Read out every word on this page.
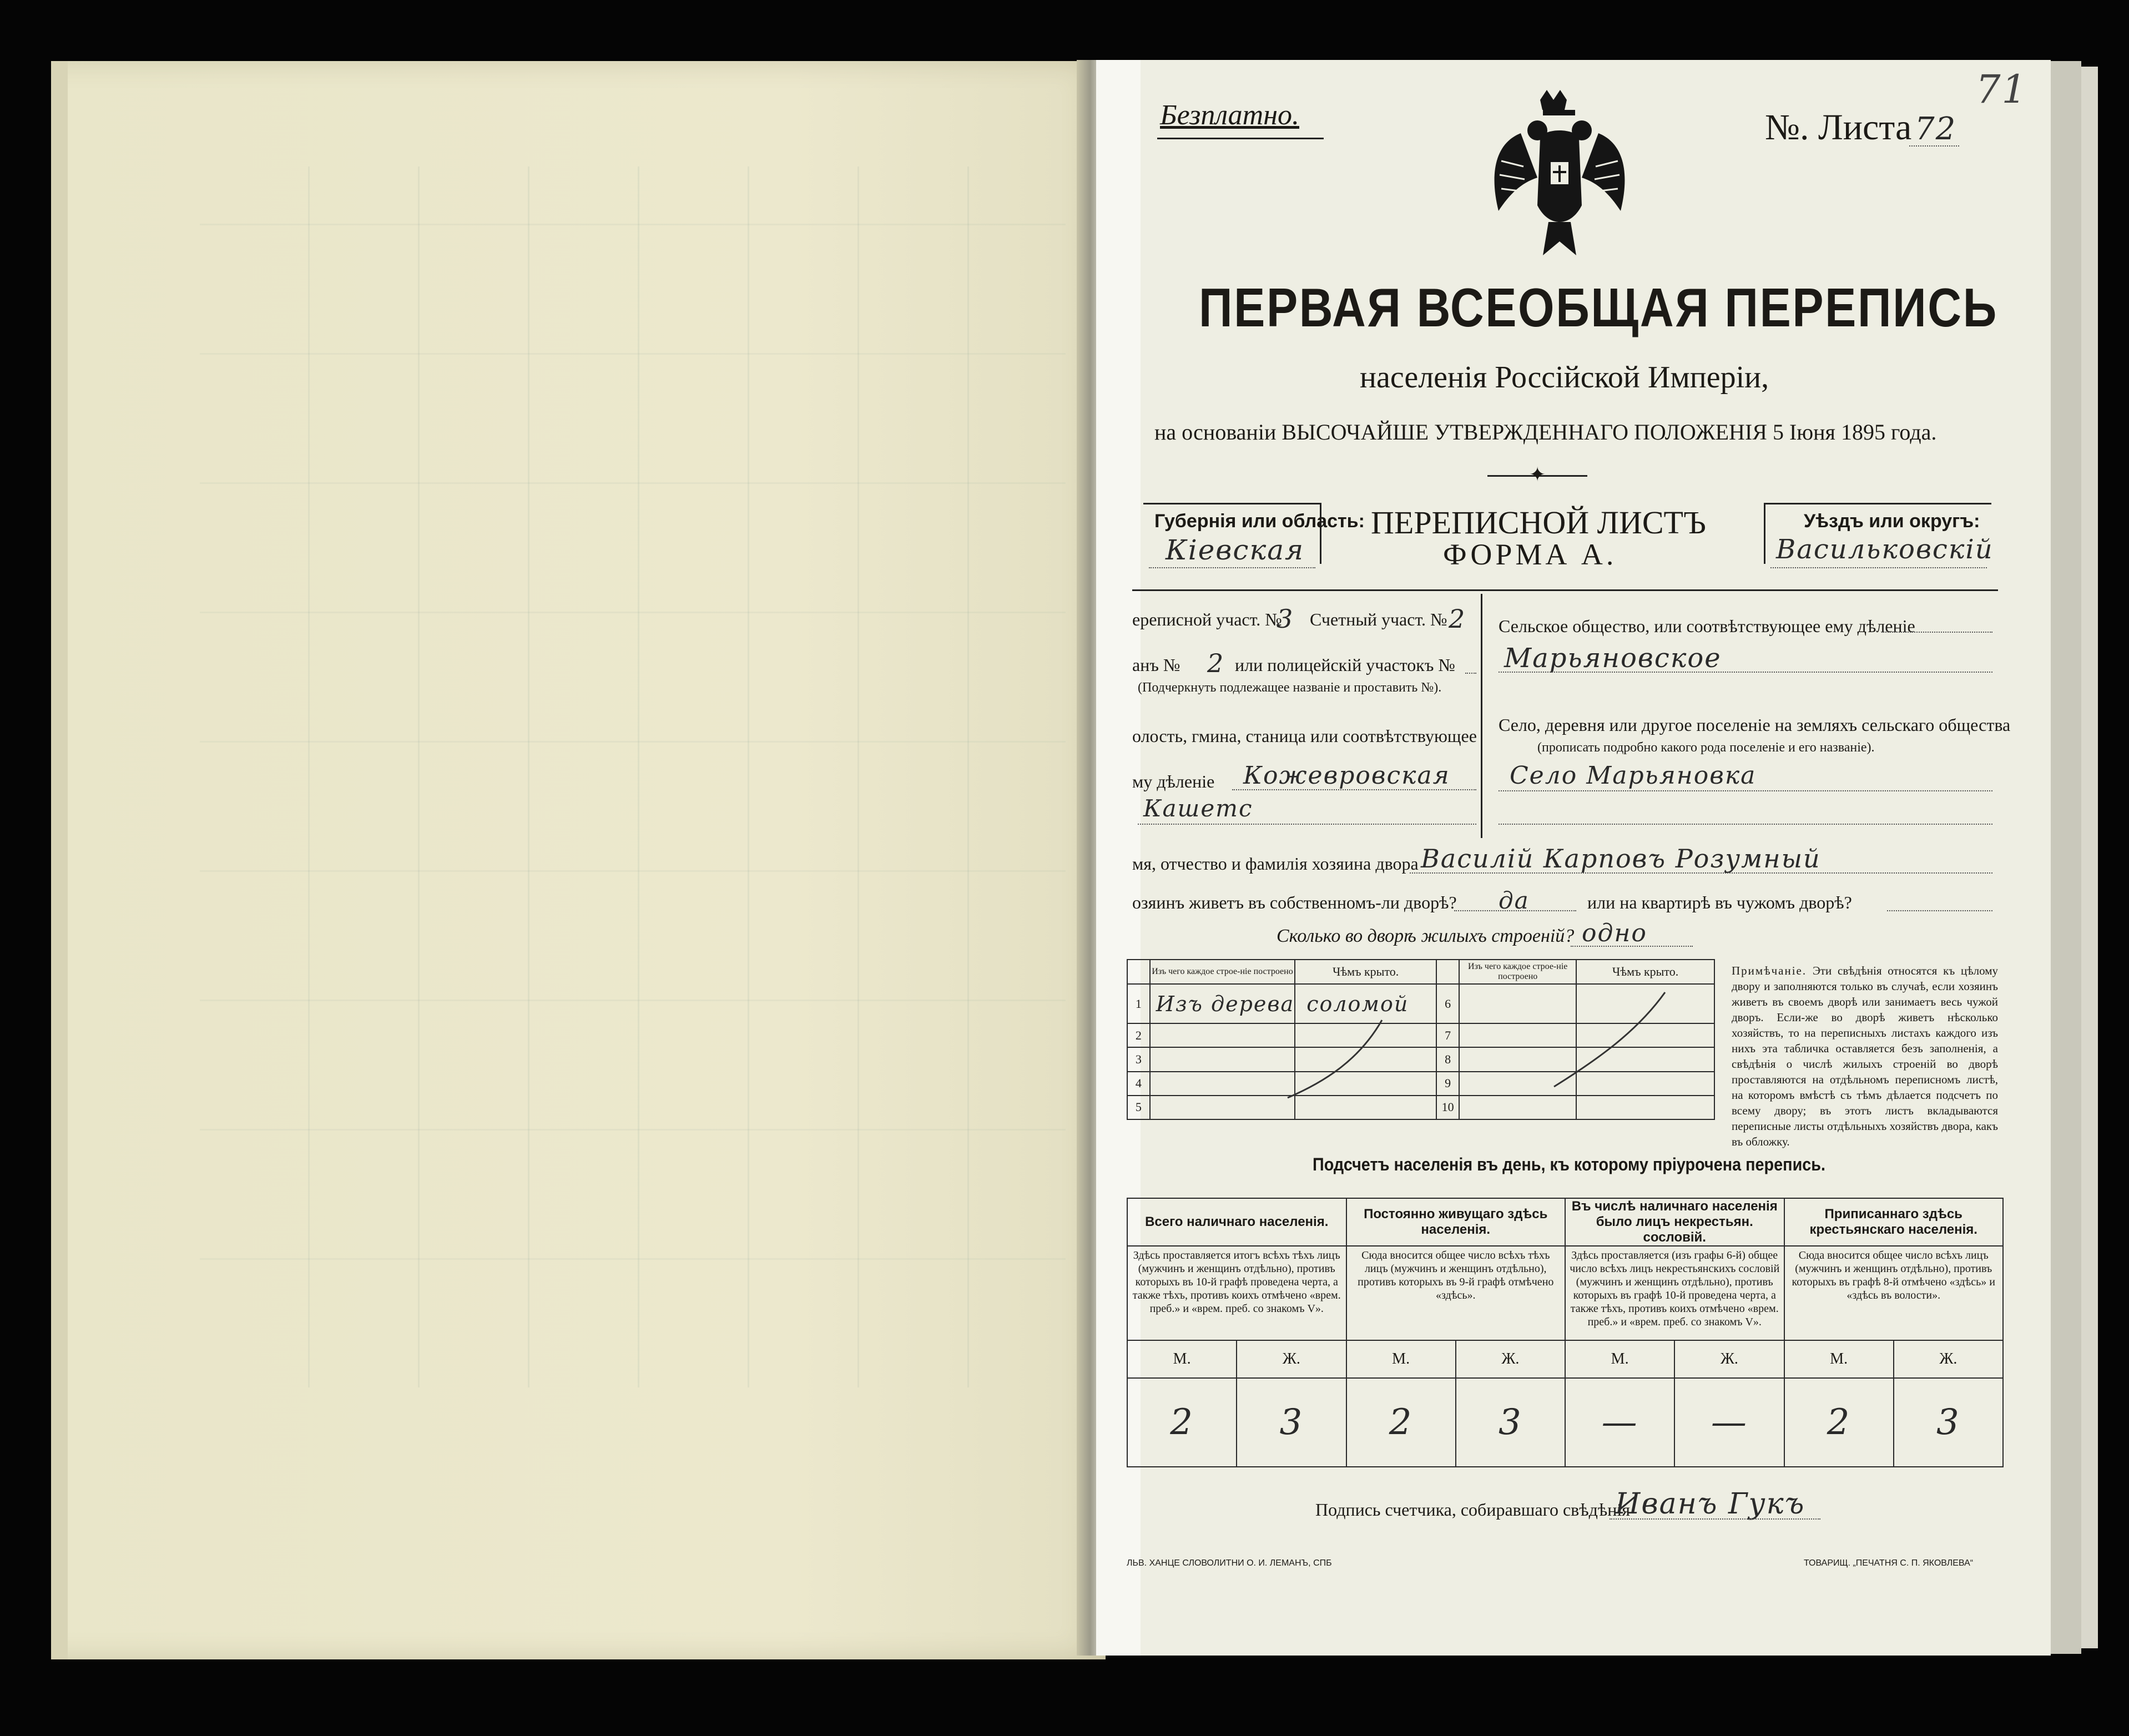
Безплатно.	№. Листа 72
71
ПЕРВАЯ ВСЕОБЩАЯ ПЕРЕПИСЬ
населенія Россійской Имперіи,
на основаніи ВЫСОЧАЙШЕ УТВЕРЖДЕННАГО ПОЛОЖЕНІЯ 5 Іюня 1895 года.
✦
Губернія или область:
Кіевская
ПЕРЕПИСНОЙ ЛИСТЪ
ФОРМА А.
Уѣздъ или округъ:
Васильковскій
ереписной участ. №
3 Счетный участ. № 2
анъ № 2 или полицейскій участокъ №
(Подчеркнуть подлежащее названіе и проставить №).
олость, гмина, станица или соотвѣтствующее
му дѣленіе Кожевровская
Кашетс
Сельское общество, или соотвѣтствующее ему дѣленіе
Марьяновское
Село, деревня или другое поселеніе на земляхъ сельскаго общества
(прописать подробно какого рода поселеніе и его названіе).
Село Марьяновка
мя, отчество и фамилія хозяина двора Василій Карповъ Розумный
озяинъ живетъ въ собственномъ-ли дворѣ? да	или на квартирѣ въ чужомъ дворѣ?
Сколько во дворѣ жилыхъ строеній? одно
	Изъ чего каждое строе-ніе построено	Чѣмъ крыто.		Изъ чего каждое строе-ніе построено	Чѣмъ крыто.
1	Изъ дерева	соломой	6		
2			7		
3			8		
4			9		
5			10		
Примѣчаніе. Эти свѣдѣнія относятся къ цѣлому двору и заполняются только въ случаѣ, если хозяинъ живетъ въ своемъ дворѣ или занимаетъ весь чужой дворъ. Если-же во дворѣ живетъ нѣсколько хозяйствъ, то на переписныхъ листахъ каждого изъ нихъ эта табличка оставляется безъ заполненія, а свѣдѣнія о числѣ жилыхъ строеній во дворѣ проставляются на отдѣльномъ переписномъ листѣ, на которомъ вмѣстѣ съ тѣмъ дѣлается подсчетъ по всему двору; въ этотъ листъ вкладываются переписные листы отдѣльныхъ хозяйствъ двора, какъ въ обложку.
Подсчетъ населенія въ день, къ которому пріурочена перепись.
Всего наличнаго населенія.		Постоянно живущаго здѣсь населенія.		Въ числѣ наличнаго населенія было лицъ некрестьян. сословій.		Приписаннаго здѣсь крестьянскаго населенія.	
Здѣсь проставляется итогъ всѣхъ тѣхъ лицъ (мужчинъ и женщинъ отдѣльно), противъ которыхъ въ 10-й графѣ проведена черта, а также тѣхъ, противъ коихъ отмѣчено «врем. преб.» и «врем. преб. со знакомъ V».		Сюда вносится общее число всѣхъ тѣхъ лицъ (мужчинъ и женщинъ отдѣльно), противъ которыхъ въ 9-й графѣ отмѣчено «здѣсь».		Здѣсь проставляется (изъ графы 6-й) общее число всѣхъ лицъ некрестьянскихъ сословій (мужчинъ и женщинъ отдѣльно), противъ которыхъ въ графѣ 10-й проведена черта, а также тѣхъ, противъ коихъ отмѣчено «врем. преб.» и «врем. преб. со знакомъ V».		Сюда вносится общее число всѣхъ лицъ (мужчинъ и женщинъ отдѣльно), противъ которыхъ въ графѣ 8-й отмѣчено «здѣсь» и «здѣсь въ волости».	
М.	Ж.	М.	Ж.	М.	Ж.	М.	Ж.
2	3	2	3	—	—	2	3
Подпись счетчика, собиравшаго свѣдѣнія
Иванъ Гукъ
ЛЬВ. ХАНЦЕ СЛОВОЛИТНИ О. И. ЛЕМАНЪ, СПБ	ТОВАРИЩ. „ПЕЧАТНЯ С. П. ЯКОВЛЕВА“
